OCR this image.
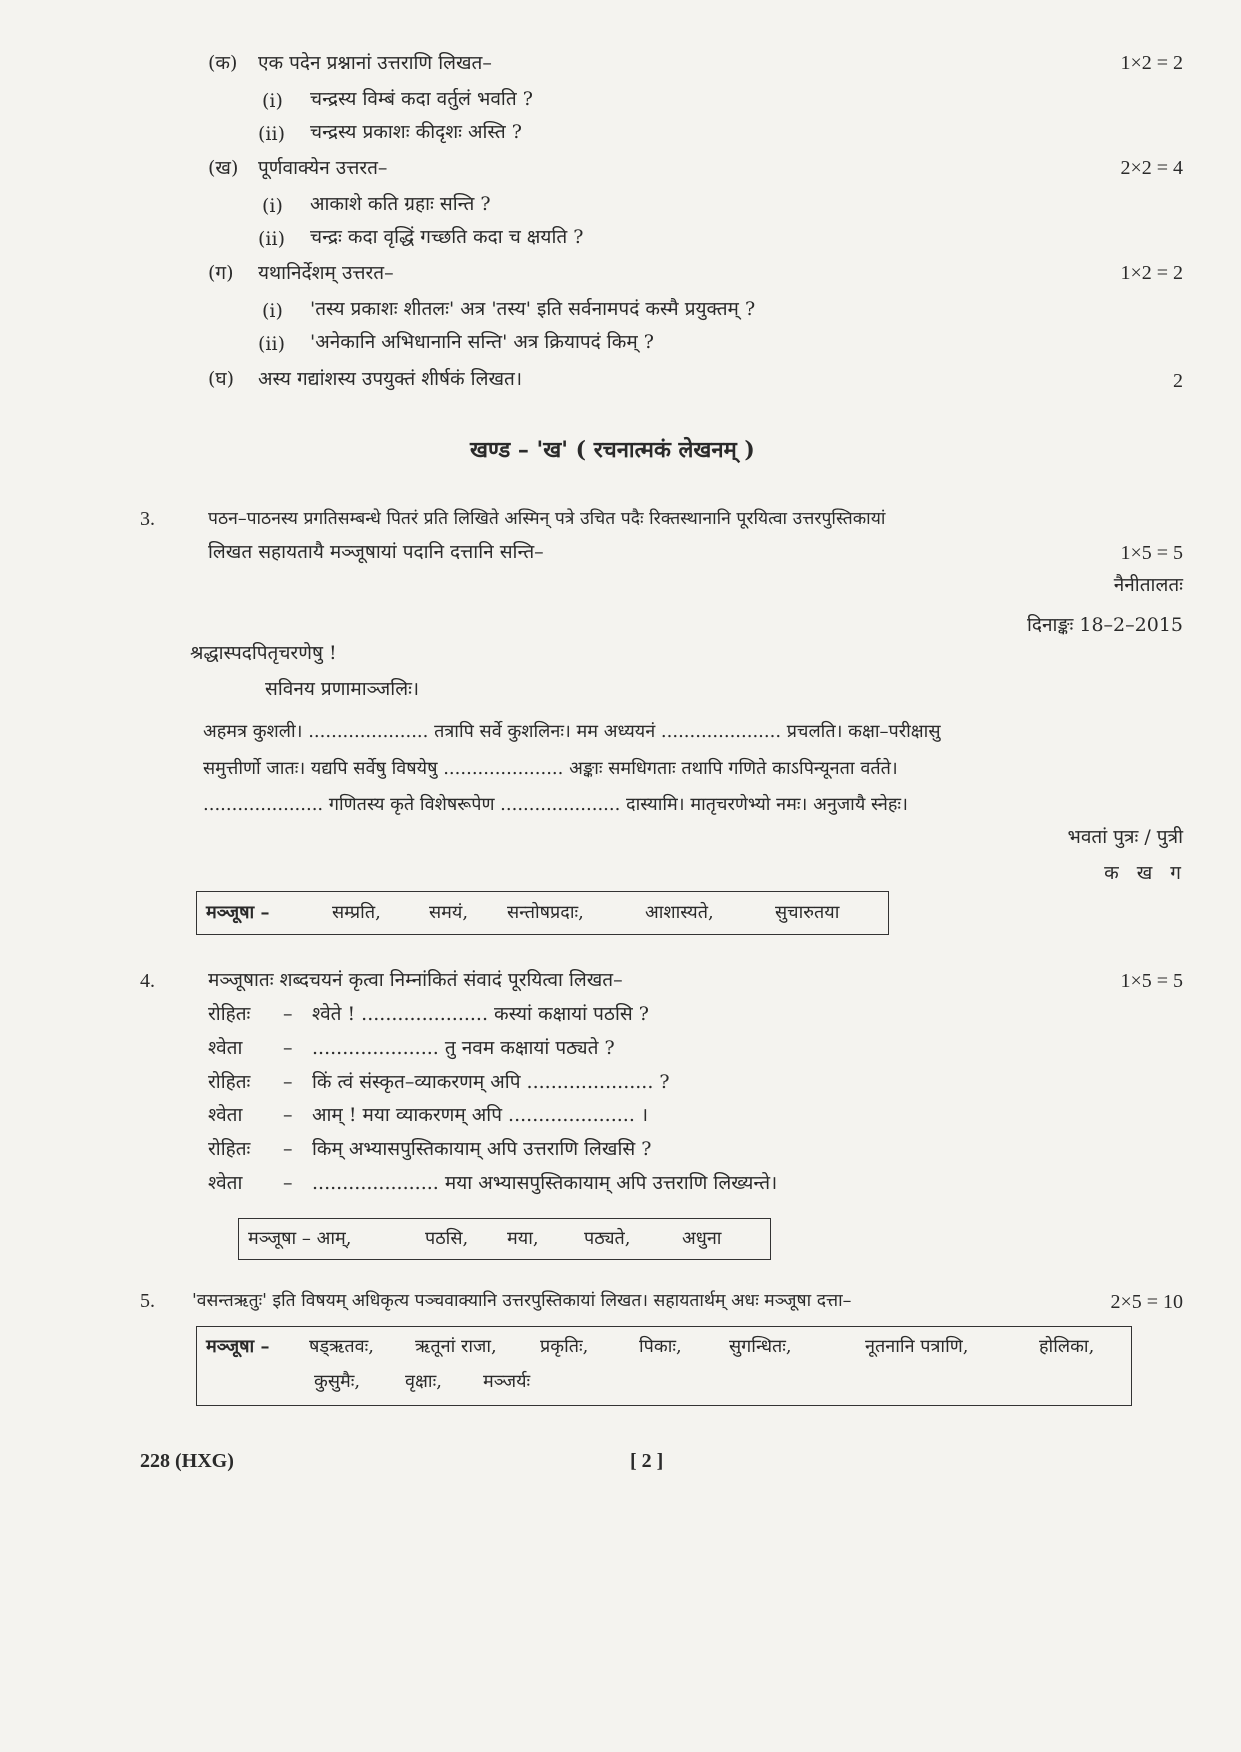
(क) एक पदेन प्रश्नानां उत्तराणि लिखत–	1×2 = 2
(i) चन्द्रस्य विम्बं कदा वर्तुलं भवति ?
(ii) चन्द्रस्य प्रकाशः कीदृशः अस्ति ?
(ख) पूर्णवाक्येन उत्तरत–	2×2 = 4
(i) आकाशे कति ग्रहाः सन्ति ?
(ii) चन्द्रः कदा वृद्धिं गच्छति कदा च क्षयति ?
(ग) यथानिर्देशम् उत्तरत–	1×2 = 2
(i) 'तस्य प्रकाशः शीतलः' अत्र 'तस्य' इति सर्वनामपदं कस्मै प्रयुक्तम् ?
(ii) 'अनेकानि अभिधानानि सन्ति' अत्र क्रियापदं किम् ?
(घ) अस्य गद्यांशस्य उपयुक्तं शीर्षकं लिखत।	2
खण्ड – 'ख' ( रचनात्मकं लेखनम् )
3.	पठन–पाठनस्य प्रगतिसम्बन्धे पितरं प्रति लिखिते अस्मिन् पत्रे उचित पदैः रिक्तस्थानानि पूरयित्वा उत्तरपुस्तिकायां
लिखत सहायतायै मञ्जूषायां पदानि दत्तानि सन्ति–	1×5 = 5
नैनीतालतः
दिनाङ्कः 18–2–2015
श्रद्धास्पदपितृचरणेषु !
सविनय प्रणामाञ्जलिः।
अहमत्र कुशली। ..................... तत्रापि सर्वे कुशलिनः। मम अध्ययनं ..................... प्रचलति। कक्षा–परीक्षासु
समुत्तीर्णो जातः। यद्यपि सर्वेषु विषयेषु ..................... अङ्काः समधिगताः तथापि गणिते काऽपिन्यूनता वर्तते।
..................... गणितस्य कृते विशेषरूपेण ..................... दास्यामि। मातृचरणेभ्यो नमः। अनुजायै स्नेहः।
भवतां पुत्रः / पुत्री
क ख ग
मञ्जूषा –	सम्प्रति,	समयं, सन्तोषप्रदाः,	आशास्यते,	सुचारुतया
4.	मञ्जूषातः शब्दचयनं कृत्वा निम्नांकितं संवादं पूरयित्वा लिखत–	1×5 = 5
रोहितः – श्वेते ! ..................... कस्यां कक्षायां पठसि ?
श्वेता – ..................... तु नवम कक्षायां पठ्यते ?
रोहितः – किं त्वं संस्कृत–व्याकरणम् अपि ..................... ?
श्वेता – आम् ! मया व्याकरणम् अपि ..................... ।
रोहितः – किम् अभ्यासपुस्तिकायाम् अपि उत्तराणि लिखसि ?
श्वेता – ..................... मया अभ्यासपुस्तिकायाम् अपि उत्तराणि लिख्यन्ते।
मञ्जूषा – आम्,	पठसि, मया,	पठ्यते,	अधुना
5. 'वसन्तऋतुः' इति विषयम् अधिकृत्य पञ्चवाक्यानि उत्तरपुस्तिकायां लिखत। सहायतार्थम् अधः मञ्जूषा दत्ता–	2×5 = 10
मञ्जूषा – षड्ऋतवः, ऋतूनां राजा, प्रकृतिः,	पिकाः,	सुगन्धितः,	नूतनानि पत्राणि,	होलिका,
कुसुमैः, वृक्षाः, मञ्जर्यः
228 (HXG)	[ 2 ]
